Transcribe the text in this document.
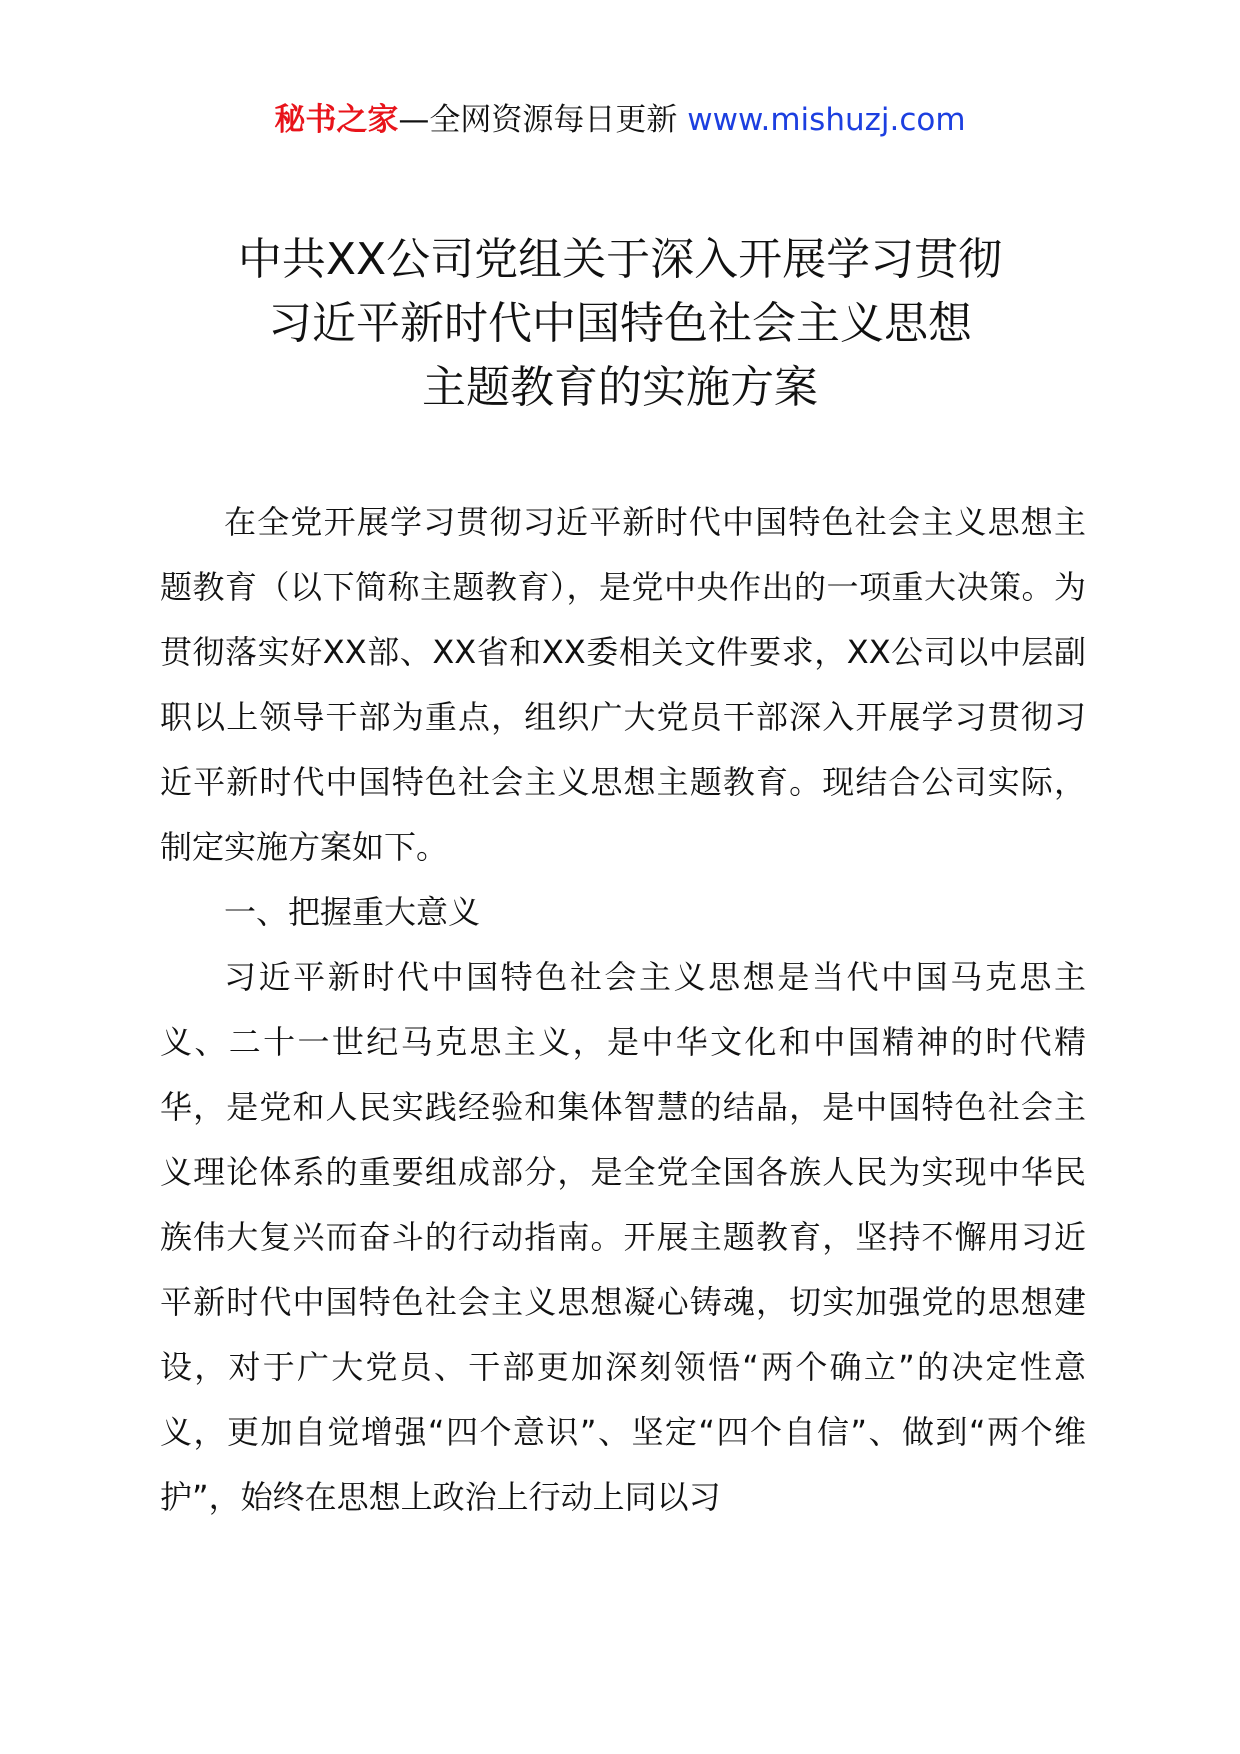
秘书之家—全网资源每日更新 www.mishuzj.com
中共XX公司党组关于深入开展学习贯彻
习近平新时代中国特色社会主义思想
主题教育的实施方案

在全党开展学习贯彻习近平新时代中国特色社会主义思想主题教育（以下简称主题教育），是党中央作出的一项重大决策。为贯彻落实好XX部、XX省和XX委相关文件要求，XX公司以中层副职以上领导干部为重点，组织广大党员干部深入开展学习贯彻习近平新时代中国特色社会主义思想主题教育。现结合公司实际，制定实施方案如下。

一、把握重大意义

习近平新时代中国特色社会主义思想是当代中国马克思主义、二十一世纪马克思主义，是中华文化和中国精神的时代精华，是党和人民实践经验和集体智慧的结晶，是中国特色社会主义理论体系的重要组成部分，是全党全国各族人民为实现中华民族伟大复兴而奋斗的行动指南。开展主题教育，坚持不懈用习近平新时代中国特色社会主义思想凝心铸魂，切实加强党的思想建设，对于广大党员、干部更加深刻领悟“两个确立”的决定性意义，更加自觉增强“四个意识”、坚定“四个自信”、做到“两个维护”，始终在思想上政治上行动上同以习
